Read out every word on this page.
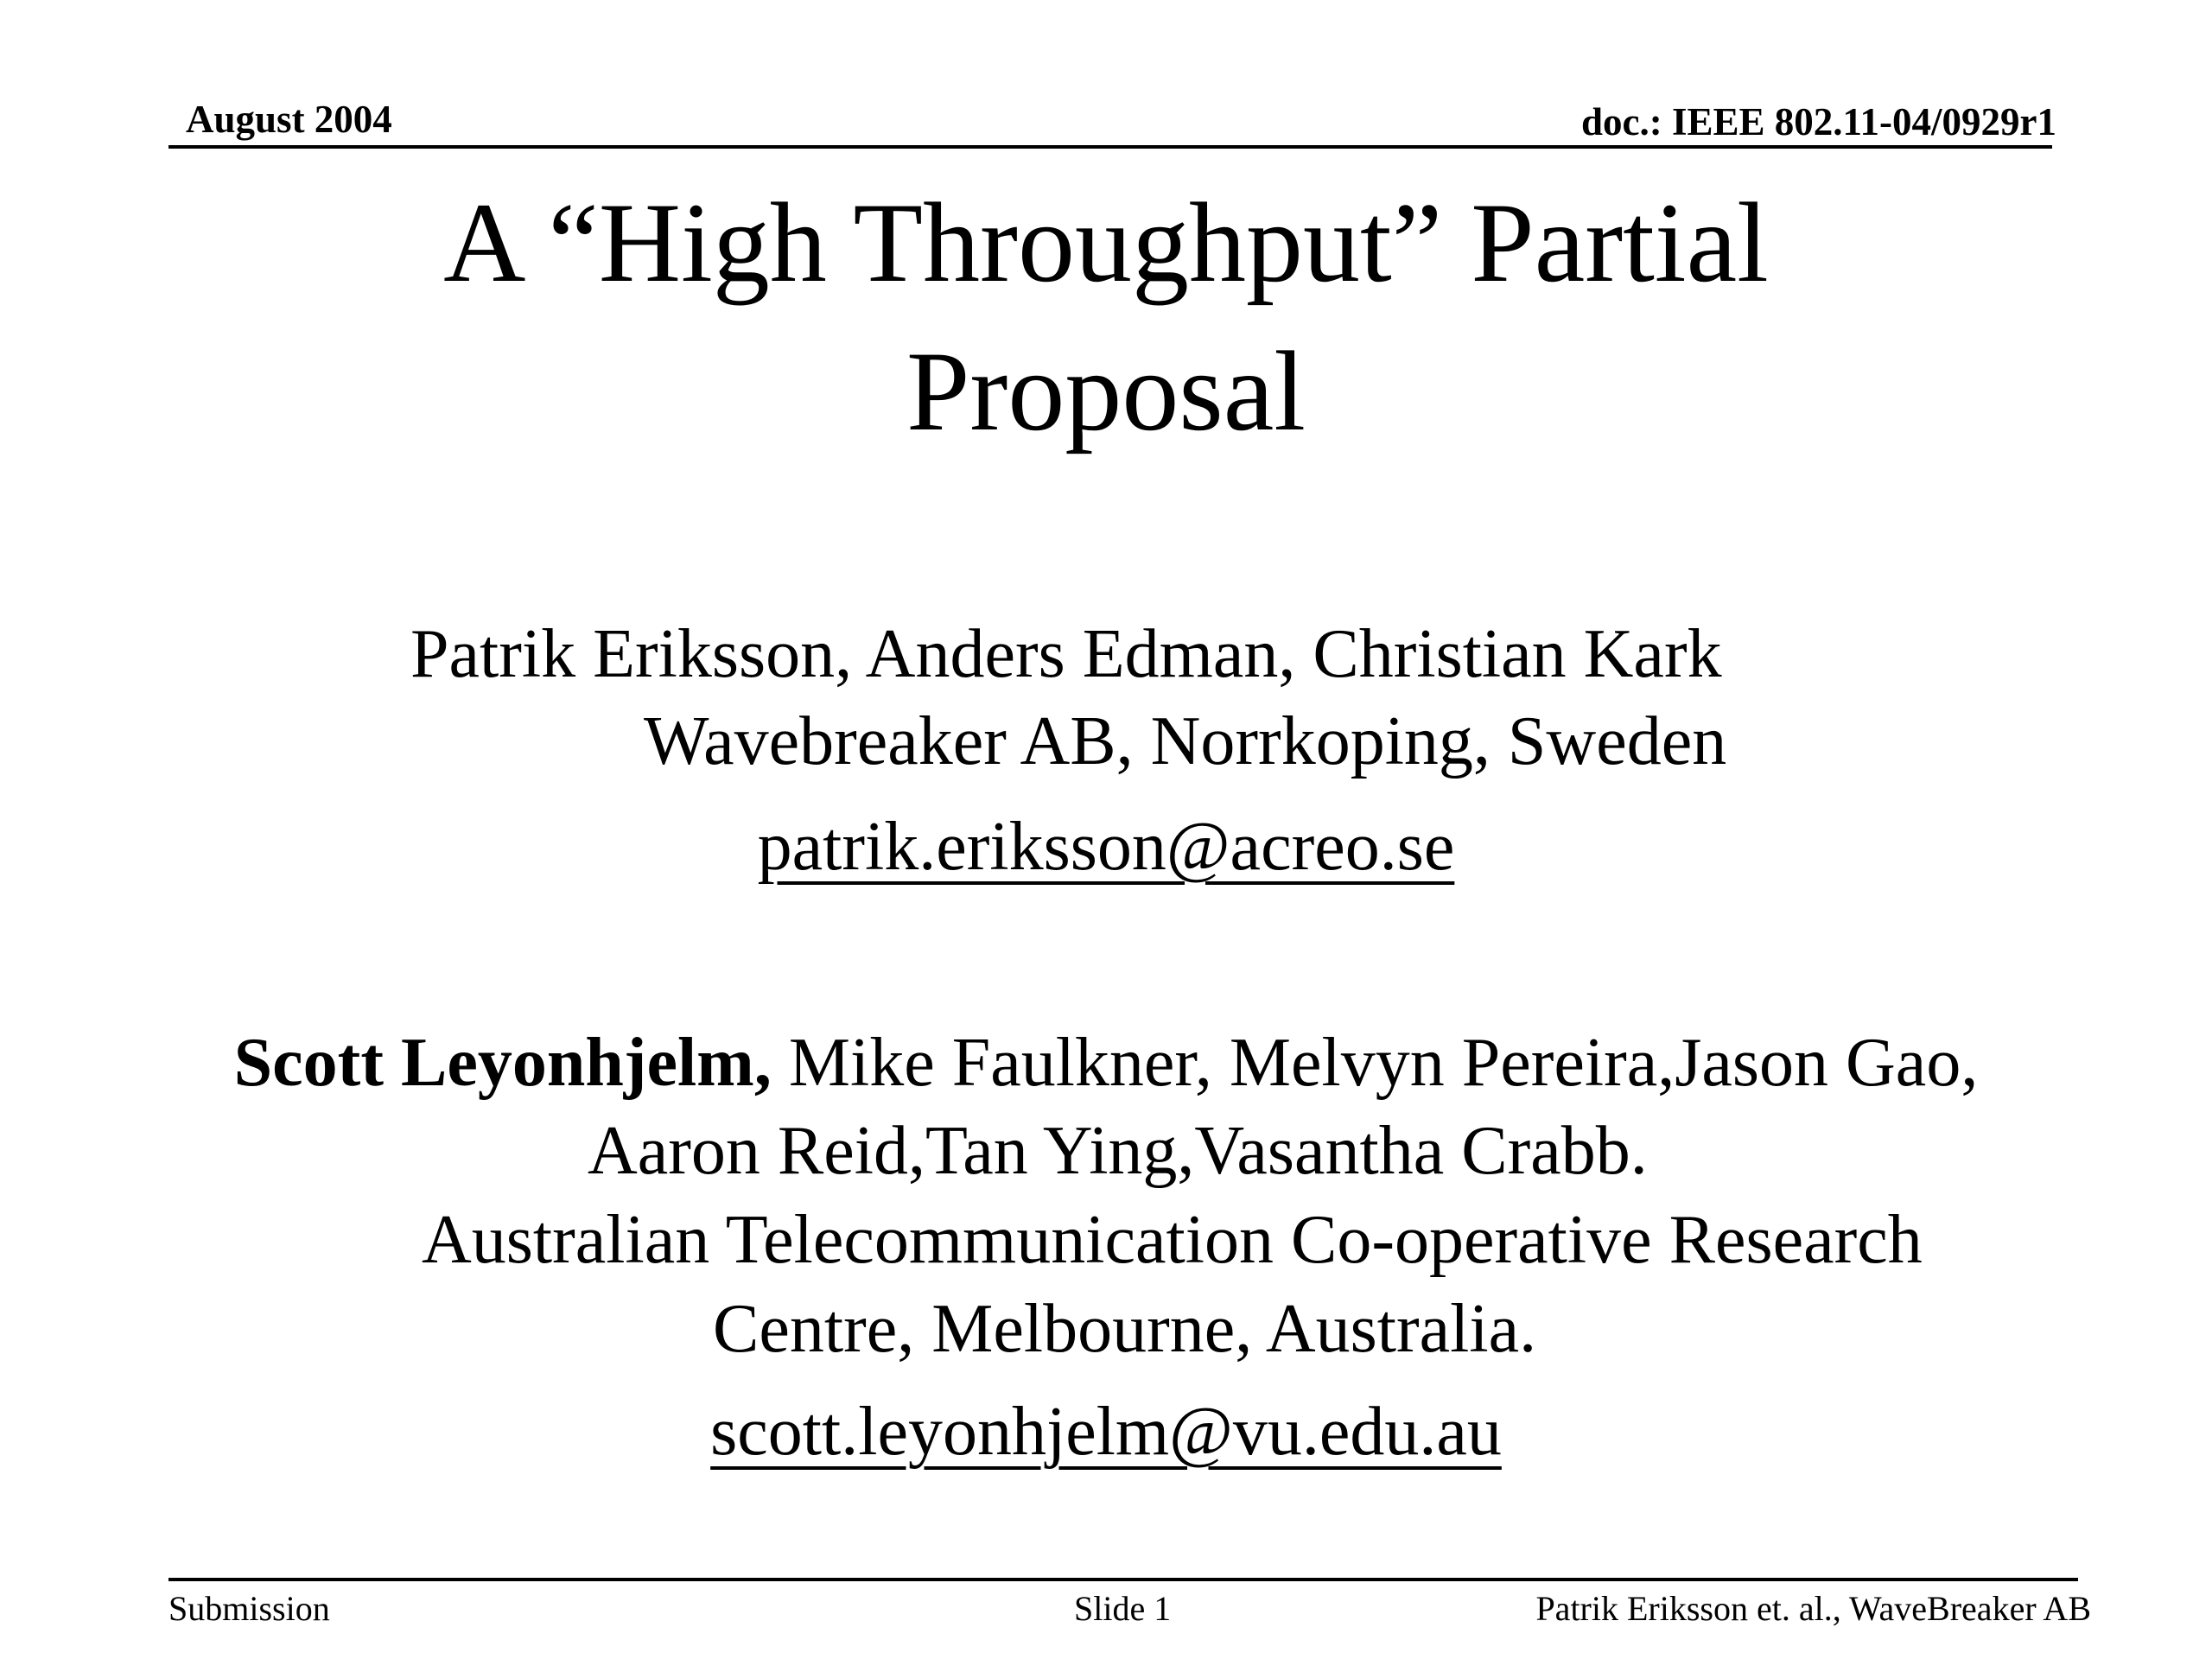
August 2004	doc.: IEEE 802.11-04/0929r1
A “High Throughput” Partial
Proposal
Patrik Eriksson, Anders Edman, Christian Kark
Wavebreaker AB, Norrkoping, Sweden
patrik.eriksson@acreo.se
Scott Leyonhjelm, Mike Faulkner, Melvyn Pereira,Jason Gao,
Aaron Reid,Tan Ying,Vasantha Crabb.
Australian Telecommunication Co-operative Research
Centre, Melbourne, Australia.
scott.leyonhjelm@vu.edu.au
Submission	Slide 1	Patrik Eriksson et. al., WaveBreaker AB
